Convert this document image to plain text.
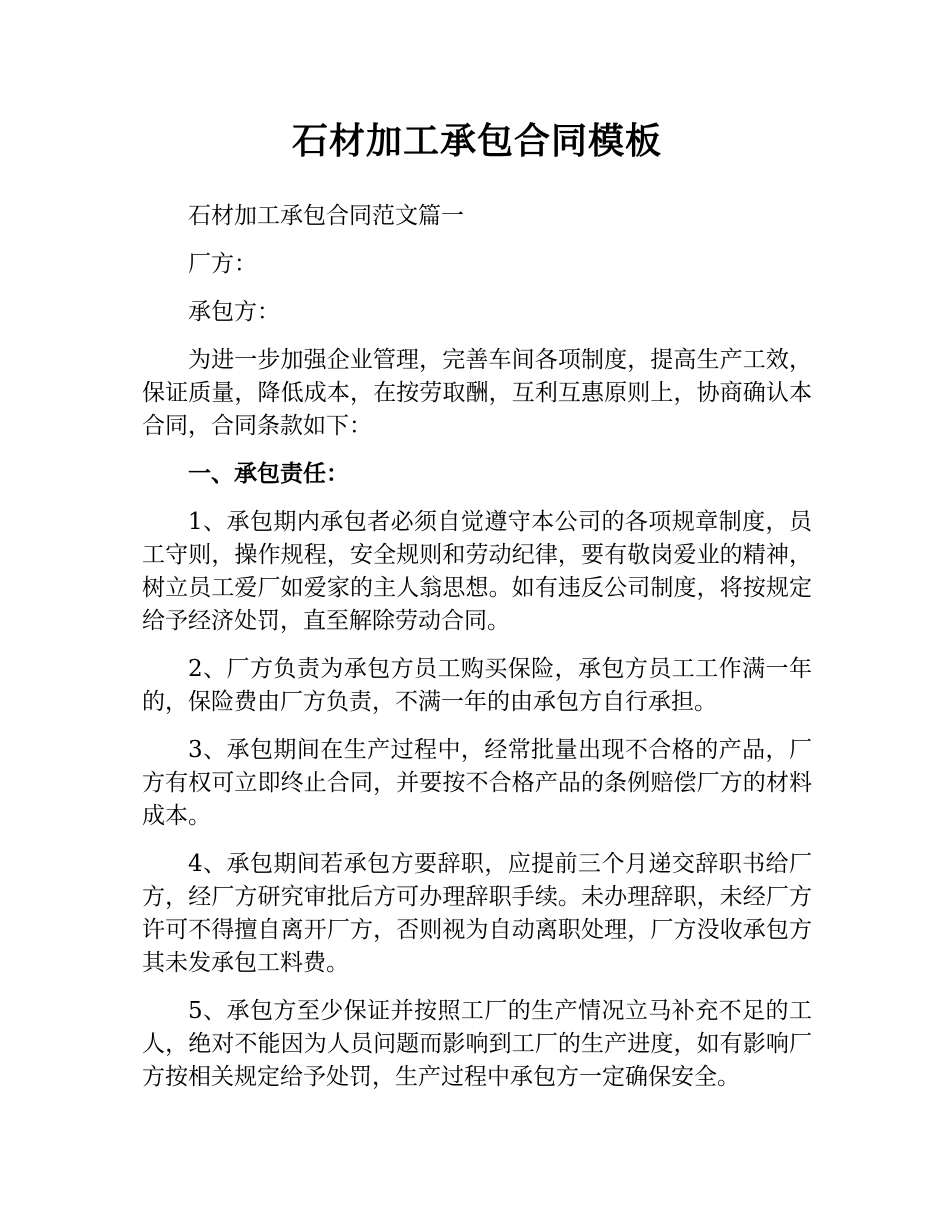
石材加工承包合同模板

石材加工承包合同范文篇一

厂方：

承包方：

为进一步加强企业管理，完善车间各项制度，提高生产工效，保证质量，降低成本，在按劳取酬，互利互惠原则上，协商确认本合同，合同条款如下：

一、承包责任：

1、承包期内承包者必须自觉遵守本公司的各项规章制度，员工守则，操作规程，安全规则和劳动纪律，要有敬岗爱业的精神，树立员工爱厂如爱家的主人翁思想。如有违反公司制度，将按规定给予经济处罚，直至解除劳动合同。

2、厂方负责为承包方员工购买保险，承包方员工工作满一年的，保险费由厂方负责，不满一年的由承包方自行承担。

3、承包期间在生产过程中，经常批量出现不合格的产品，厂方有权可立即终止合同，并要按不合格产品的条例赔偿厂方的材料成本。

4、承包期间若承包方要辞职，应提前三个月递交辞职书给厂方，经厂方研究审批后方可办理辞职手续。未办理辞职，未经厂方许可不得擅自离开厂方，否则视为自动离职处理，厂方没收承包方其未发承包工料费。

5、承包方至少保证并按照工厂的生产情况立马补充不足的工人，绝对不能因为人员问题而影响到工厂的生产进度，如有影响厂方按相关规定给予处罚，生产过程中承包方一定确保安全。
